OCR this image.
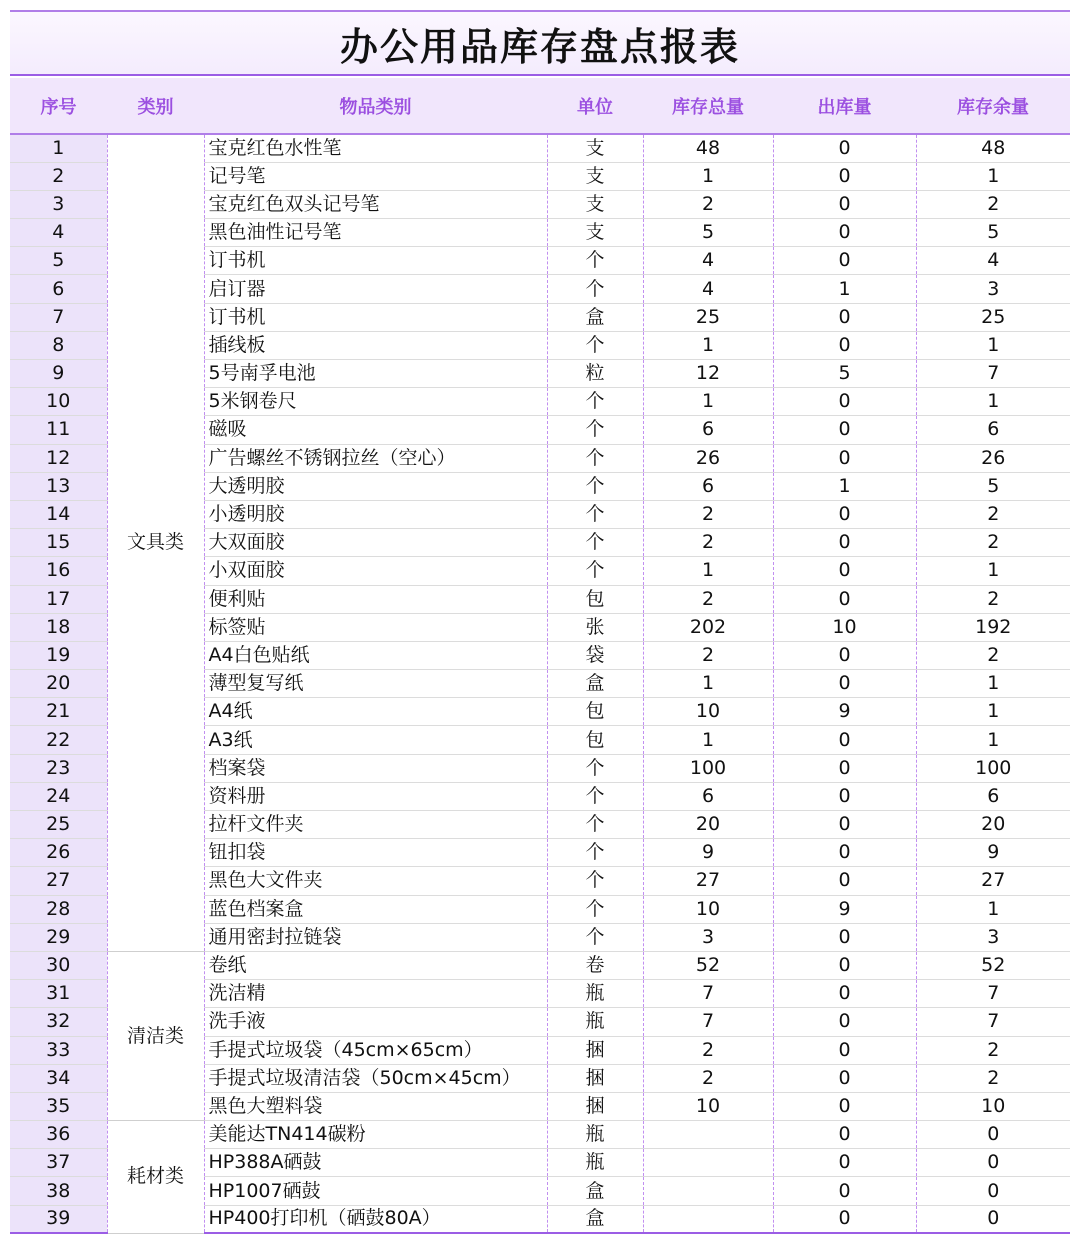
办公用品库存盘点报表
序号	类别	物品类别	单位	库存总量	出库量	库存余量
1	文具类	宝克红色水性笔	支	48	0	48
2		记号笔	支	1	0	1
3		宝克红色双头记号笔	支	2	0	2
4		黑色油性记号笔	支	5	0	5
5		订书机	个	4	0	4
6		启订器	个	4	1	3
7		订书机	盒	25	0	25
8		插线板	个	1	0	1
9		5号南孚电池	粒	12	5	7
10		5米钢卷尺	个	1	0	1
11		磁吸	个	6	0	6
12		广告螺丝不锈钢拉丝（空心）	个	26	0	26
13		大透明胶	个	6	1	5
14		小透明胶	个	2	0	2
15		大双面胶	个	2	0	2
16		小双面胶	个	1	0	1
17		便利贴	包	2	0	2
18		标签贴	张	202	10	192
19		A4白色贴纸	袋	2	0	2
20		薄型复写纸	盒	1	0	1
21		A4纸	包	10	9	1
22		A3纸	包	1	0	1
23		档案袋	个	100	0	100
24		资料册	个	6	0	6
25		拉杆文件夹	个	20	0	20
26		钮扣袋	个	9	0	9
27		黑色大文件夹	个	27	0	27
28		蓝色档案盒	个	10	9	1
29		通用密封拉链袋	个	3	0	3
30	清洁类	卷纸	卷	52	0	52
31		洗洁精	瓶	7	0	7
32		洗手液	瓶	7	0	7
33		手提式垃圾袋（45cm×65cm）	捆	2	0	2
34		手提式垃圾清洁袋（50cm×45cm）	捆	2	0	2
35		黑色大塑料袋	捆	10	0	10
36	耗材类	美能达TN414碳粉	瓶		0	0
37		HP388A硒鼓	瓶		0	0
38		HP1007硒鼓	盒		0	0
39		HP400打印机（硒鼓80A）	盒		0	0
